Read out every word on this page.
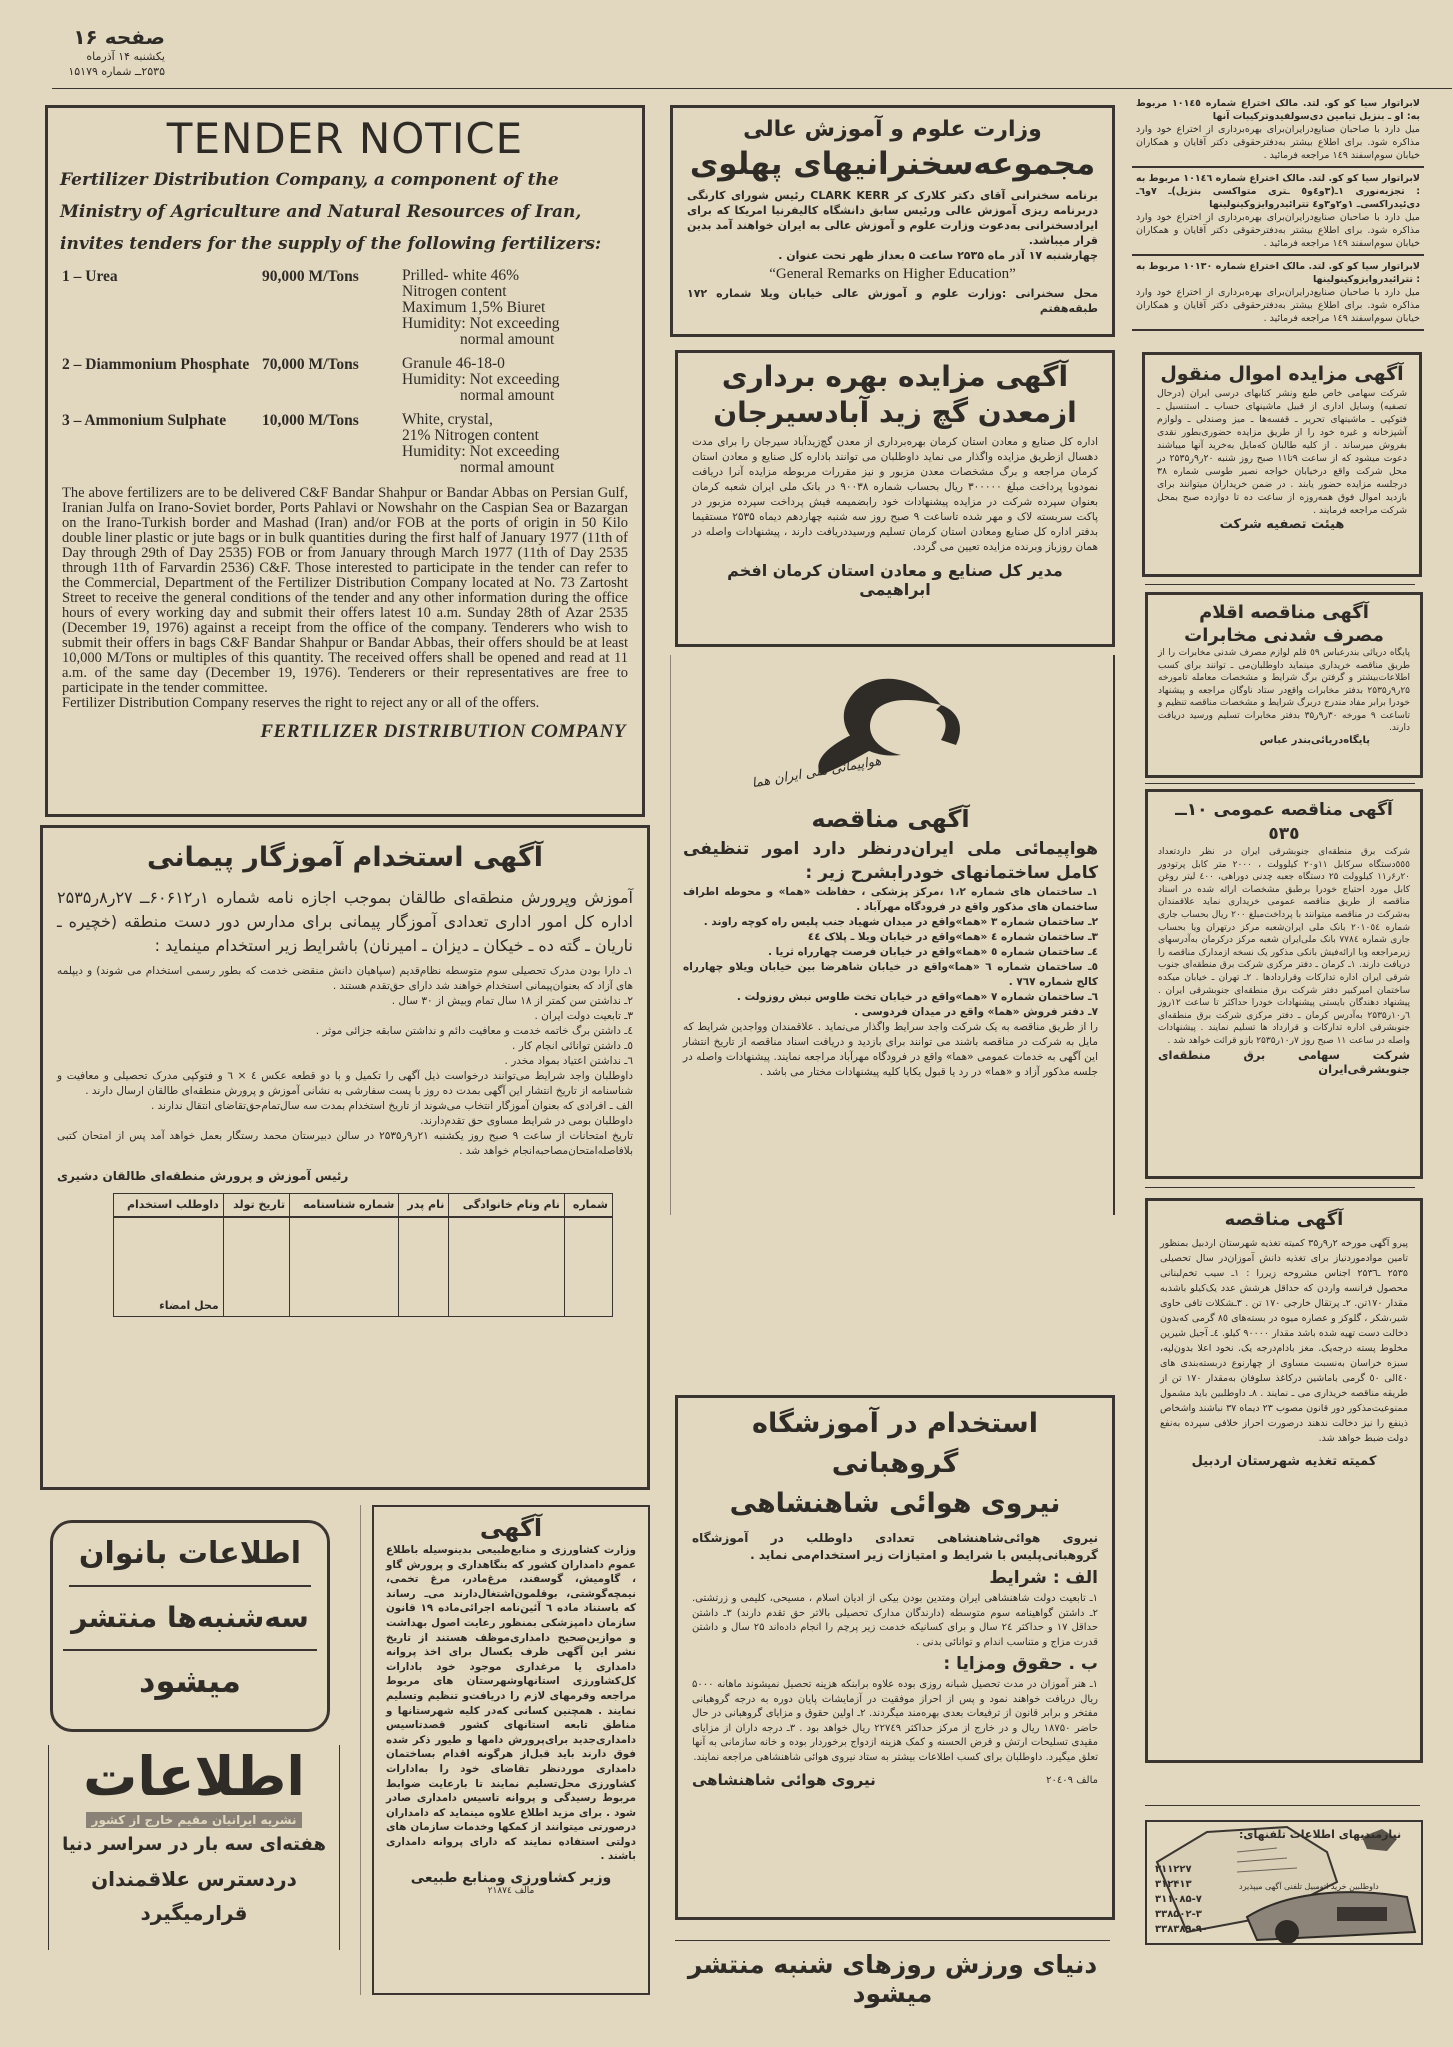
صفحه ۱۶
یکشنبه ۱۴ آذرماه
۲۵۳۵ــ شماره ۱۵۱۷۹
TENDER NOTICE
Fertilizer Distribution Company, a component of the
Ministry of Agriculture and Natural Resources of Iran,
invites tenders for the supply of the following fertilizers:
1 – Urea	90,000 M/Tons	Prilled- white 46%
Nitrogen content
Maximum 1,5% Biuret
Humidity: Not exceeding
normal amount
2 – Diammonium Phosphate 70,000 M/Tons	Granule 46-18-0
Humidity: Not exceeding
normal amount
3 – Ammonium Sulphate	10,000 M/Tons	White, crystal,
21% Nitrogen content
Humidity: Not exceeding
normal amount
The above fertilizers are to be delivered C&F Bandar Shahpur or Bandar Abbas on Persian Gulf, Iranian Julfa on Irano-Soviet border, Ports Pahlavi or Nowshahr on the Caspian Sea or Bazargan on the Irano-Turkish border and Mashad (Iran) and/or FOB at the ports of origin in 50 Kilo double liner plastic or jute bags or in bulk quantities during the first half of January 1977 (11th of Day through 29th of Day 2535) FOB or from January through March 1977 (11th of Day 2535 through 11th of Farvardin 2536) C&F. Those interested to participate in the tender can refer to the Commercial, Department of the Fertilizer Distribution Company located at No. 73 Zartosht Street to receive the general conditions of the tender and any other information during the office hours of every working day and submit their offers latest 10 a.m. Sunday 28th of Azar 2535 (December 19, 1976) against a receipt from the office of the company. Tenderers who wish to submit their offers in bags C&F Bandar Shahpur or Bandar Abbas, their offers should be at least 10,000 M/Tons or multiples of this quantity. The received offers shall be opened and read at 11 a.m. of the same day (December 19, 1976). Tenderers or their representatives are free to participate in the tender committee.
Fertilizer Distribution Company reserves the right to reject any or all of the offers.
FERTILIZER DISTRIBUTION COMPANY
وزارت علوم و آموزش عالی
مجموعه‌سخنرانیهای پهلوی

برنامه سخنرانی آقای دکتر کلارک کر CLARK KERR رئیس شورای کارنگی دربرنامه ریزی آموزش عالی ورئیس سابق دانشگاه کالیفرنیا امریکا که برای ایرادسخنرانی به‌دعوت وزارت علوم و آموزش عالی به ایران خواهند آمد بدین قرار میباشد.

چهارشنبه ۱۷ آذر ماه ۲۵۳۵ ساعت ۵ بعداز ظهر تحت عنوان .

“General Remarks on Higher Education”

محل سخنرانی :وزارت علوم و آموزش عالی خیابان ویلا شماره ۱۷۲ طبقه‌هفتم

آگهی مزایده بهره برداری
ازمعدن گچ زید آبادسیرجان

اداره کل صنایع و معادن استان کرمان بهره‌برداری از معدن گچ‌زیدآباد سیرجان را برای مدت دهسال ازطریق مزایده واگذار می نماید داوطلبان می توانند باداره کل صنایع و معادن استان کرمان مراجعه و برگ مشخصات معدن مزبور و نیز مقررات مربوطه مزایده آنرا دریافت نمودوبا پرداخت مبلغ ۳۰۰۰۰۰ ریال بحساب شماره ۹۰۰۳۸ در بانک ملی ایران شعبه کرمان بعنوان سپرده شرکت در مزایده پیشنهادات خود رابضمیمه فیش پرداخت سپرده مزبور در پاکت سربسته لاک و مهر شده تاساعت ۹ صبح روز سه شنبه چهاردهم دیماه ۲۵۳۵ مستقیما بدفتر اداره کل صنایع ومعادن استان کرمان تسلیم ورسیددریافت دارند ، پیشنهادات واصله در همان روزباز وبرنده مزایده تعیین می گردد.

مدیر کل صنایع و معادن استان کرمان افخم ابراهیمی

هواپیمائی ملی ایران هما
آگهی مناقصه

هواپیمائی ملی ایران‌درنظر دارد امور تنظیفی کامل ساختمانهای خودرابشرح زیر :

۱ـ ساختمان های شماره ۱،۲ ،مرکز پزشکی ، حفاظت «هما» و محوطه اطراف ساختمان های مذکور واقع در فرودگاه مهرآباد .

۲ـ ساختمان شماره ۳ «هما»واقع در میدان شهیاد جنب پلیس راه کوچه راوند .

۳ـ ساختمان شماره ٤ «هما»واقع در خیابان ویلا ـ پلاک ٤٤

٤ـ ساختمان شماره ٥ «هما»واقع در خیابان فرصت چهارراه ثریا .

٥ـ ساختمان شماره ٦ «هما»واقع در خیابان شاهرضا بین خیابان ویلاو چهارراه کالج شماره ۷٦۷ .

٦ـ ساختمان شماره ۷ «هما»واقع در خیابان تخت طاوس نبش روزولت .

۷ـ دفتر فروش «هما» واقع در میدان فردوسی .

را از طریق مناقصه به یک شرکت واجد سرایط واگذار می‌نماید . علاقمندان وواجدین شرایط که مایل به شرکت در مناقصه باشند می توانند برای بازدید و دریافت اسناد مناقصه از تاریخ انتشار این آگهی به خدمات عمومی «هما» واقع در فرودگاه مهرآباد مراجعه نمایند. پیشنهادات واصله در جلسه مذکور آزاد و «هما» در رد یا قبول یکایا کلیه پیشنهادات مختار می باشد .

استخدام در آموزشگاه گروهبانی
نیروی هوائی شاهنشاهی

نیروی هوائی‌شاهنشاهی تعدادی داوطلب در آموزشگاه گروهبانی‌پلیس با شرایط و امتیازات زیر استخدام‌می نماید .

الف : شرایط

۱ـ تابعیت دولت شاهنشاهی ایران ومتدین بودن بیکی از ادیان اسلام ، مسیحی، کلیمی و زرتشتی. ۲ـ داشتن گواهینامه سوم متوسطه (دارندگان مدارک تحصیلی بالاتر حق تقدم دارند) ۳ـ داشتن حداقل ۱۷ و حداکثر ۲٤ سال و برای کسانیکه خدمت زیر پرچم را انجام داده‌اند ۲۵ سال و داشتن قدرت مزاج و متناسب اندام و توانائی بدنی .

ب . حقوق ومزایا :

۱ـ هنر آموزان در مدت تحصیل شبانه روزی بوده علاوه برابنکه هزینه تحصیل نمیشوند ماهانه ۵۰۰۰ ریال دریافت خواهند نمود و پس از احراز موفقیت در آزمایشات پایان دوره به درجه گروهبانی مفتخر و برابر قانون از ترفیعات بعدی بهره‌مند میگردند. ۲ـ اولین حقوق و مزایای گروهبانی در حال حاضر ۱۸۷۵۰ ریال و در خارج از مرکز حداکثر ۲۲۷٤۹ ریال خواهد بود . ۳ـ درجه داران از مزایای مقیدی تسلیحات ارتش و قرض الحسنه و کمک هزینه ازدواج برخوردار بوده و خانه سازمانی به آنها تعلق میگیرد. داوطلبان برای کسب اطلاعات بیشتر به ستاد نیروی هوائی شاهنشاهی مراجعه نمایند.

مالف ۲۰٤۰۹
نیروی هوائی شاهنشاهی
دنیای ورزش روزهای شنبه منتشر میشود
آگهی استخدام آموزگار پیمانی

آموزش وپرورش منطقه‌ای طالقان بموجب اجازه نامه شماره ۱ر۶۰۶۱۲ــ ۲۷ر۸ر۲۵۳۵ اداره کل امور اداری تعدادی آموزگار پیمانی برای مدارس دور دست منطقه (خچیره ـ ناریان ـ گته ده ـ خیکان ـ دیزان ـ امیرنان) باشرایط زیر استخدام مینماید :

۱ـ دارا بودن مدرک تحصیلی سوم متوسطه نظام‌قدیم (سپاهیان دانش منقضی خدمت که بطور رسمی استخدام می شوند) و دیپلمه های آزاد که بعنوان‌پیمانی استخدام خواهند شد دارای حق‌تقدم هستند .

۲ـ نداشتن سن کمتر از ۱۸ سال تمام وبیش از ۳۰ سال .

۳ـ تابعیت دولت ایران .

٤ـ داشتن برگ خاتمه خدمت و معافیت دائم و نداشتن سابقه جزائی موثر .

٥ـ داشتن توانائی انجام کار .

٦ـ نداشتن اعتیاد بمواد مخدر .

داوطلبان واجد شرایط می‌توانند درخواست ذیل آگهی را تکمیل و با دو قطعه عکس ٤ × ٦ و فتوکپی مدرک تحصیلی و معافیت و شناسنامه از تاریخ انتشار این آگهی بمدت ده روز با پست سفارشی به نشانی آموزش و پرورش منطقه‌ای طالقان ارسال دارند .

الف ـ افرادی که بعنوان آموزگار انتخاب می‌شوند از تاریخ استخدام بمدت سه سال‌تمام‌حق‌تقاضای انتقال ندارند .

داوطلبان بومی در شرایط مساوی حق تقدم‌دارند.

تاریخ امتحانات از ساعت ۹ صبح روز یکشنبه ۲۱ر۹ر۲۵۳۵ در سالن دبیرستان محمد رستگار بعمل خواهد آمد پس از امتحان کتبی بلافاصله‌امتحان‌مصاحبه‌انجام خواهد شد .

رئیس آموزش و پرورش منطقه‌ای طالقان دشیری

شماره	نام ونام خانوادگی	نام پدر	شماره شناسنامه	تاریخ تولد	داوطلب استخدام
					محل امضاء
اطلاعات بانوان
سه‌شنبه‌ها منتشر
میشود
اطلاعات
نشریه ایرانیان مقیم خارج از کشور
هفته‌ای سه بار در سراسر دنیا
دردسترس علاقمندان
قرارمیگیرد
آگهی

وزارت کشاورزی و منابع‌طبیعی بدینوسیله باطلاع عموم دامداران کشور که بنگاهداری و پرورش گاو ، گاومیش، گوسفند، مرغ‌مادر، مرغ تخمی، نیمچه‌گوشتی، بوقلمون‌اشتغال‌دارند می‌ـ رساند که باستناد ماده ٦ آئین‌نامه اجرائی‌ماده ۱۹ قانون سازمان دامپزشکی بمنظور رعایت اصول بهداشت و موازین‌صحیح دامداری‌موظف هستند از تاریخ نشر این آگهی ظرف یکسال برای اخذ پروانه دامداری یا مرغداری موجود خود بادارات کل‌کشاورزی استانهاوشهرستان های مربوط مراجعه وفرمهای لازم را دریافت‌و تنظیم وتسلیم نمایند . همچنین کسانی که‌در کلیه شهرستانها و مناطق تابعه استانهای کشور قصدتاسیس دامداری‌جدید برای‌پرورش دامها و طیور ذکر شده فوق دارند باید قبل‌از هرگونه اقدام بساختمان دامداری مورد‌نظر تقاضای خود را به‌ادارات کشاورزی محل‌تسلیم نمایند تا بارعایت ضوابط مربوط رسیدگی و پروانه تاسیس دامداری صادر شود . برای مزید اطلاع علاوه مینماید که دامداران درصورتی میتوانند از کمکها وخدمات سازمان های دولتی استفاده نمایند که دارای پروانه دامداری باشند .

وزیر کشاورزی ومنابع طبیعی

مالف ۲۱۸۷٤

لابراتوار سیا کو کو. لتد. مالک اختراع شماره ۱۰۱٤٥ مربوط به: او ـ بنزیل تیامین دی‌سولفیدوترکیبات آنها

میل دارد با صاحبان صنایع‌درایران‌برای بهره‌برداری از اختراع خود وارد مذاکره شود. برای اطلاع بیشتر به‌دفترحقوقی دکتر آقایان و همکاران خیابان سوم‌اسفند ۱٤۹ مراجعه فرمائید .

لابراتوار سیا کو کو. لتد. مالک اختراع شماره ۱۰۱٤٦ مربوط به : تجزیه‌نوری ۱ـ(۳و٤و٥ ـتری متواکسی بنزیل)ـ ۷و٦ـ دی‌ئیدراکسی‌ـ ۱و۲و۳و٤ تترائیدروایزوکینولینها

میل دارد با صاحبان صنایع‌درایران‌برای بهره‌برداری از اختراع خود وارد مذاکره شود. برای اطلاع بیشتر به‌دفترحقوقی دکتر آقایان و همکاران خیابان سوم‌اسفند ۱٤۹ مراجعه فرمائید .

لابراتوار سیا کو کو. لتد. مالک اختراع شماره ۱۰۱۳۰ مربوط به : تترائیدروایزوکینولینها

میل دارد با صاحبان صنایع‌درایران‌برای بهره‌برداری از اختراع خود وارد مذاکره شود. برای اطلاع بیشتر به‌دفترحقوقی دکتر آقایان و همکاران خیابان سوم‌اسفند ۱٤۹ مراجعه فرمائید .

آگهی مزایده اموال منقول

شرکت سهامی خاص طبع ونشر کتابهای درسی ایران (درحال تصفیه) وسایل اداری از قبیل ماشینهای حساب ـ استنسیل ـ فتوکپی ـ ماشینهای تحریر ـ قفسه‌ها ـ میز وصندلی ـ ولوازم آشپزخانه و غیره خود را از طریق مزایده حضوری‌بطور نقدی بفروش میرساند . از کلیه طالبان که‌مایل به‌خرید آنها میباشند دعوت میشود که از ساعت ۹تا۱۱ صبح روز شنبه ۲۰ر۹ر۲۵۳۵ در محل شرکت واقع درخیابان خواجه نصیر طوسی شماره ۳۸ درجلسه مزایده حضور یابند . در ضمن خریداران میتوانند برای بازدید اموال فوق همه‌روزه از ساعت ده تا دوازده صبح بمحل شرکت مراجعه فرمایند .

هیئت تصفیه شرکت

آگهی مناقصه اقلام
مصرف شدنی مخابرات

پایگاه دریائی بندرعباس ٥۹ قلم لوازم مصرف شدنی مخابرات را از طریق مناقصه خریداری مینماید داوطلبان‌می ـ توانند برای کسب اطلاعات‌بیشتر و گرفتن برگ شرایط و مشخصات معامله تامورخه ۲۵ر۹ر۲۵۳۵ بدفتر مخابرات واقع‌در ستاد ناوگان مراجعه و پیشنهاد خودرا برابر مفاد مندرج دربرگ شرایط و مشخصات مناقصه تنظیم و تاساعت ۹ مورخه ۳۰ر۹ر۳۵ بدفتر مخابرات تسلیم ورسید دریافت دارند.

پایگاه‌دریائی‌بندر عباس

آگهی مناقصه عمومی ۱۰ــ ٥۳٥

شرکت برق منطقه‌ای جنوبشرقی ایران در نظر داردتعداد ٥٥٥دستگاه سرکابل ۱۱و۲۰ کیلوولت ، ۲۰۰۰ متر کابل پرتودور ۲۰ر۶ر۱۱ کیلوولت ۲۵ دستگاه جعبه چدنی دوراهی، ٤۰۰ لیتر روغن کابل مورد احتیاج خودرا برطبق مشخصات ارائه شده در اسناد مناقصه از طریق مناقصه عمومی خریداری نماید علاقمندان به‌شرکت در مناقصه میتوانند با پرداخت‌مبلغ ۲۰۰ ریال بحساب جاری شماره ۲۰۱۰٥٤ بانک ملی ایران‌شعبه مرکز درتهران ویا بحساب جاری شماره ۷۷۸٤ بانک ملی‌ایران شعبه مرکز درکرمان به‌آدرسهای زیرمراجعه وبا ارائه‌فیش بانکی مذکور یک نسخه ازمدارک مناقصه را دریافت دارند. ۱ـ کرمان ـ دفتر مرکزی شرکت برق منطقه‌ای جنوب شرقی ایران اداره تدارکات وقراردادها . ۲ـ تهران ـ خیابان میکده ساختمان امیرکبیر دفتر شرکت برق منطقه‌ای جنوبشرقی ایران . پیشنهاد دهندگان بایستی پیشنهادات خودرا حداکثر تا ساعت ۱۲روز ٦ر۱۰ر۲۵۳۵ به‌آدرس کرمان ـ دفتر مرکزی شرکت برق منطقه‌ای جنوبشرقی اداره تدارکات و قرارداد ها تسلیم نمایند . پیشنهادات واصله در ساعت ۱۱ صبح روز ۷ر۱۰ر۲۵۳۵ بازو قرائت خواهد شد .

شرکت سهامی برق منطقه‌ای جنوبشرقی‌ایران

آگهی مناقصه

پیرو آگهی مورخه ۲ر۹ر۳۵ کمیته تغذیه شهرستان اردبیل بمنظور تامین موادموردنیاز برای تغذیه دانش آموزان‌در سال تحصیلی ۲۵۳۵ ـ۲۵۳٦ اجناس مشروحه زیررا : ۱ـ سیب تخم‌لبنانی محصول فرانسه واردن که حداقل هرشش عدد یک‌کیلو باشدبه مقدار ۱۷۰تن. ۲ـ پرتقال خارجی ۱۷۰ تن . ۳ـشکلات تافی حاوی شیر،شکر ، گلوکز و عصاره میوه در بسته‌های ۸٥ گرمی که‌بدون دخالت دست تهیه شده باشد مقدار ۹۰۰۰۰ کیلو. ٤ـ آجیل شیرین مخلوط پسته درجه‌یک. مغز بادام‌درجه یک. نخود اعلا بدون‌لپه، سبزه خراسان به‌نسبت مساوی از چهارنوع دربسته‌بندی های ٤۰الی ٥۰ گرمی باماشین درکاغذ سلوفان به‌مقدار ۱۷۰ تن از طریقه مناقصه خریداری می ـ نمایند . ۸ـ داوطلبین باید مشمول ممنوعیت‌مذکور دور قانون مصوب ۲۳ دیماه ۳۷ نباشند واشخاص ذینفع را نیز دخالت ندهند درصورت احراز خلافی سپرده به‌نفع دولت ضبط خواهد شد.

کمیته تغذیه شهرستان اردبیل

۳۱۱۲۲۷
۳۱۲۴۱۳
۳۱۱۰۸۵-۷
۳۳۸۵۰۲-۳
۳۳۸۳۸۹-۹۰
نیازمندیهای اطلاعات تلفنهای:
داوطلبین خرید اتومبیل تلفنی آگهی میپذیرد
